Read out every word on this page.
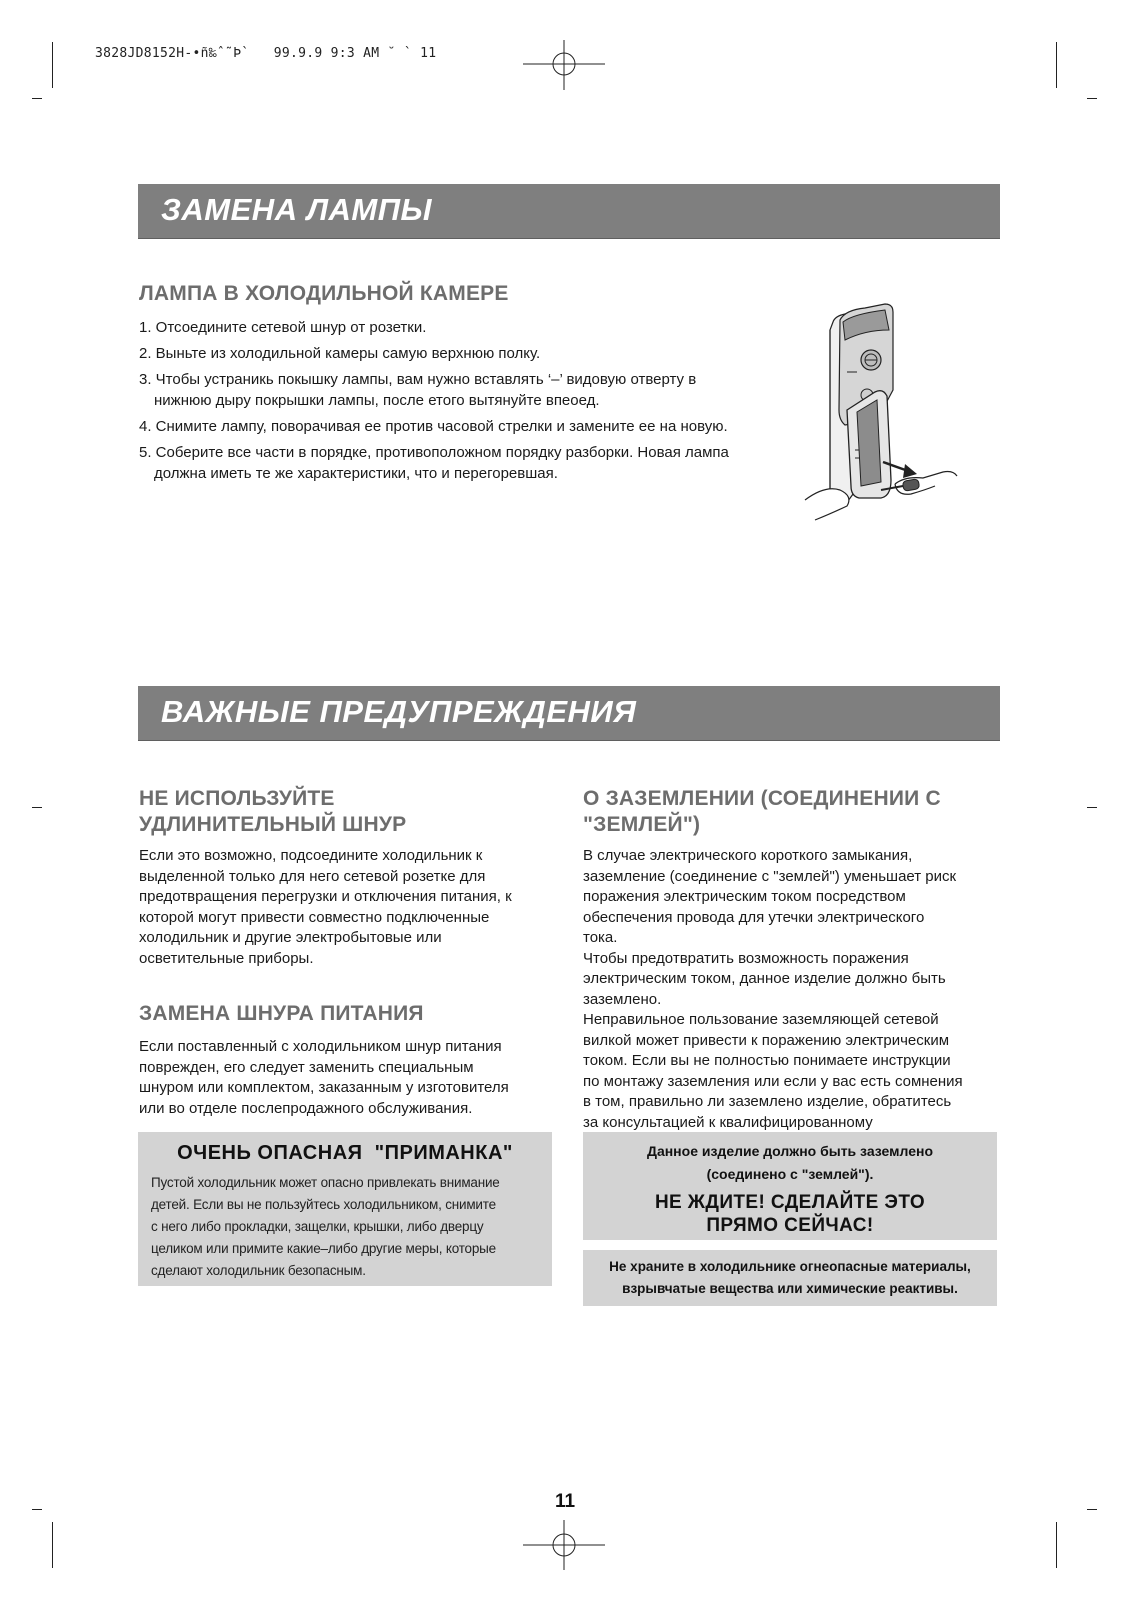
3828JD8152H-•ñ‰ˆ˜Þ`   99.9.9 9:3 AM ˘ ` 11
ЗАМЕНА ЛАМПЫ
ЛАМПА В ХОЛОДИЛЬНОЙ КАМЕРЕ
1. Отсоедините сетевой шнур от розетки.
2. Выньте из холодильной камеры самую верхнюю полку.
3. Чтобы устраникь покышку лампы, вам нужно вставлять ‘–’ видовую отверту в нижнюю дыру покрышки лампы, после етого вытянуйте впеоед.
4. Снимите лампу, поворачивая ее против часовой стрелки и замените ее на новую.
5. Соберите все части в порядке, противоположном порядку разборки. Новая лампа должна иметь те же характеристики, что и перегоревшая.
ВАЖНЫЕ ПРЕДУПРЕЖДЕНИЯ
НЕ ИСПОЛЬЗУЙТЕ
УДЛИНИТЕЛЬНЫЙ ШНУР
Если это возможно, подсоедините холодильник к
выделенной только для него сетевой розетке для
предотвращения перегрузки и отключения питания, к
которой могут привести совместно подключенные
холодильник и другие электробытовые или
осветительные приборы.
ЗАМЕНА ШНУРА ПИТАНИЯ
Если поставленный с холодильником шнур питания
поврежден, его следует заменить специальным
шнуром или комплектом, заказанным у изготовителя
или во отделе послепродажного обслуживания.
ОЧЕНЬ ОПАСНАЯ  "ПРИМАНКА"
Пустой холодильник может опасно привлекать внимание
детей. Если вы не пользуйтесь холодильником, снимите
с него либо прокладки, защелки, крышки, либо дверцу
целиком или примите какие–либо другие меры, которые
сделают холодильник безопасным.
О ЗАЗЕМЛЕНИИ (СОЕДИНЕНИИ С
"ЗЕМЛЕЙ")
В случае электрического короткого замыкания,
заземление (соединение с "землей") уменьшает риск
поражения электрическим током посредством
обеспечения провода для утечки электрического
тока.
Чтобы предотвратить возможность поражения
электрическим током, данное изделие должно быть
заземлено.
Неправильное пользование заземляющей сетевой
вилкой может привести к поражению электрическим
током. Если вы не полностью понимаете инструкции
по монтажу заземления или если у вас есть сомнения
в том, правильно ли заземлено изделие, обратитесь
за консультацией к квалифицированному
Данное изделие должно быть заземлено
(соединено с "землей").
НЕ ЖДИТЕ! СДЕЛАЙТЕ ЭТО
ПРЯМО СЕЙЧАС!
Не храните в холодильнике огнеопасные материалы,
взрывчатые вещества или химические реактивы.
11
